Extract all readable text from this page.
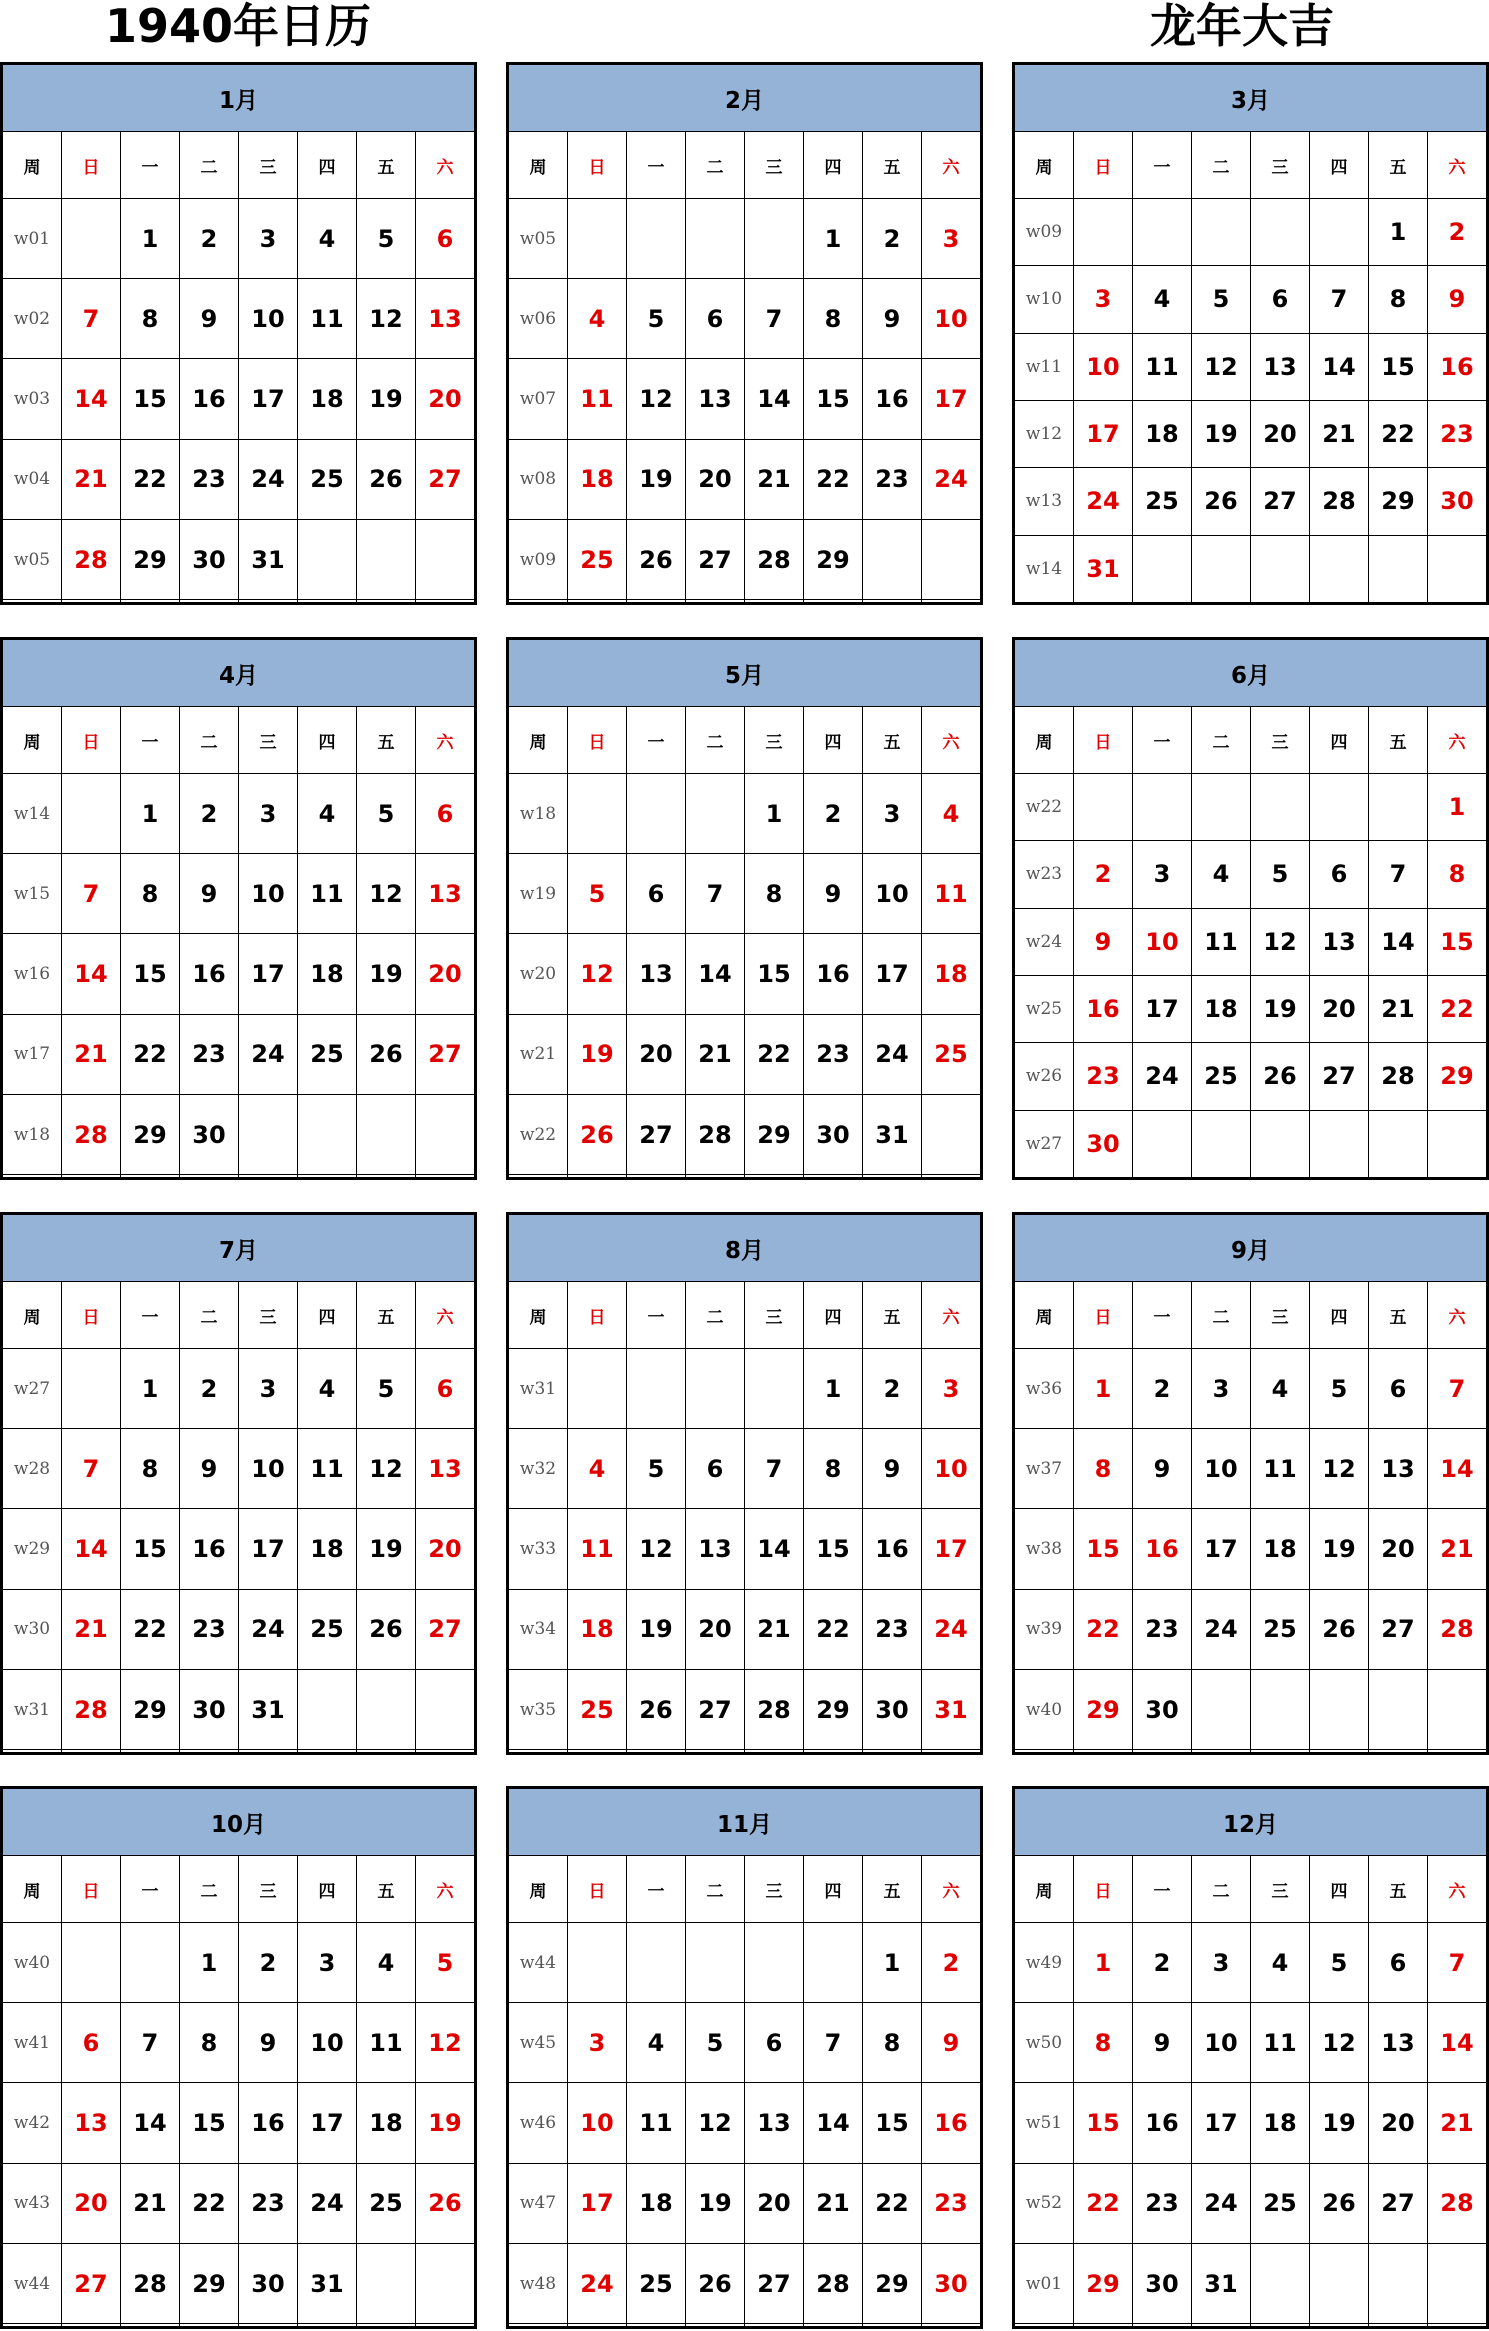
1940年日历	龙年大吉
1月							
周	日	一	二	三	四	五	六
w01		1	2	3	4	5	6
w02	7	8	9	10	11	12	13
w03	14	15	16	17	18	19	20
w04	21	22	23	24	25	26	27
w05	28	29	30	31			

2月							
周	日	一	二	三	四	五	六
w05					1	2	3
w06	4	5	6	7	8	9	10
w07	11	12	13	14	15	16	17
w08	18	19	20	21	22	23	24
w09	25	26	27	28	29		

3月							
周	日	一	二	三	四	五	六
w09						1	2
w10	3	4	5	6	7	8	9
w11	10	11	12	13	14	15	16
w12	17	18	19	20	21	22	23
w13	24	25	26	27	28	29	30
w14	31						
4月							
周	日	一	二	三	四	五	六
w14		1	2	3	4	5	6
w15	7	8	9	10	11	12	13
w16	14	15	16	17	18	19	20
w17	21	22	23	24	25	26	27
w18	28	29	30				

5月							
周	日	一	二	三	四	五	六
w18				1	2	3	4
w19	5	6	7	8	9	10	11
w20	12	13	14	15	16	17	18
w21	19	20	21	22	23	24	25
w22	26	27	28	29	30	31	

6月							
周	日	一	二	三	四	五	六
w22							1
w23	2	3	4	5	6	7	8
w24	9	10	11	12	13	14	15
w25	16	17	18	19	20	21	22
w26	23	24	25	26	27	28	29
w27	30						
7月							
周	日	一	二	三	四	五	六
w27		1	2	3	4	5	6
w28	7	8	9	10	11	12	13
w29	14	15	16	17	18	19	20
w30	21	22	23	24	25	26	27
w31	28	29	30	31			

8月							
周	日	一	二	三	四	五	六
w31					1	2	3
w32	4	5	6	7	8	9	10
w33	11	12	13	14	15	16	17
w34	18	19	20	21	22	23	24
w35	25	26	27	28	29	30	31

9月							
周	日	一	二	三	四	五	六
w36	1	2	3	4	5	6	7
w37	8	9	10	11	12	13	14
w38	15	16	17	18	19	20	21
w39	22	23	24	25	26	27	28
w40	29	30					

10月							
周	日	一	二	三	四	五	六
w40			1	2	3	4	5
w41	6	7	8	9	10	11	12
w42	13	14	15	16	17	18	19
w43	20	21	22	23	24	25	26
w44	27	28	29	30	31		

11月							
周	日	一	二	三	四	五	六
w44						1	2
w45	3	4	5	6	7	8	9
w46	10	11	12	13	14	15	16
w47	17	18	19	20	21	22	23
w48	24	25	26	27	28	29	30

12月							
周	日	一	二	三	四	五	六
w49	1	2	3	4	5	6	7
w50	8	9	10	11	12	13	14
w51	15	16	17	18	19	20	21
w52	22	23	24	25	26	27	28
w01	29	30	31				
